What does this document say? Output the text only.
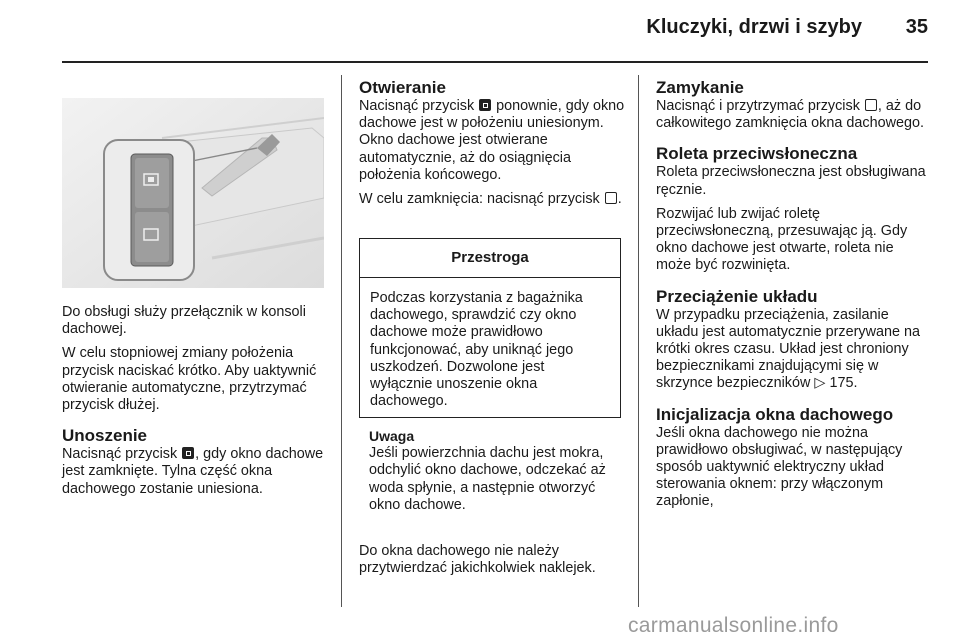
Kluczyki, drzwi i szyby	35

Do obsługi służy przełącznik w konsoli dachowej.

W celu stopniowej zmiany położenia przycisk naciskać krótko. Aby uaktywnić otwieranie automatyczne, przytrzymać przycisk dłużej.

Unoszenie

Nacisnąć przycisk , gdy okno dachowe jest zamknięte. Tylna część okna dachowego zostanie uniesiona.

Otwieranie

Nacisnąć przycisk  ponownie, gdy okno dachowe jest w położeniu uniesionym. Okno dachowe jest otwierane automatycznie, aż do osiągnięcia położenia końcowego.

W celu zamknięcia: nacisnąć przycisk .

Przestroga
Podczas korzystania z bagażnika dachowego, sprawdzić czy okno dachowe może prawidłowo funkcjonować, aby uniknąć jego uszkodzeń. Dozwolone jest wyłącznie unoszenie okna dachowego.
Uwaga
Jeśli powierzchnia dachu jest mokra, odchylić okno dachowe, odczekać aż woda spłynie, a następnie otworzyć okno dachowe.

Do okna dachowego nie należy przytwierdzać jakichkolwiek naklejek.

Zamykanie

Nacisnąć i przytrzymać przycisk , aż do całkowitego zamknięcia okna dachowego.

Roleta przeciwsłoneczna

Roleta przeciwsłoneczna jest obsługiwana ręcznie.

Rozwijać lub zwijać roletę przeciwsłoneczną, przesuwając ją. Gdy okno dachowe jest otwarte, roleta nie może być rozwinięta.

Przeciążenie układu

W przypadku przeciążenia, zasilanie układu jest automatycznie przerywane na krótki okres czasu. Układ jest chroniony bezpiecznikami znajdującymi się w skrzynce bezpieczników ▷ 175.

Inicjalizacja okna dachowego

Jeśli okna dachowego nie można prawidłowo obsługiwać, w następujący sposób uaktywnić elektryczny układ sterowania oknem: przy włączonym zapłonie,

carmanualsonline.info
